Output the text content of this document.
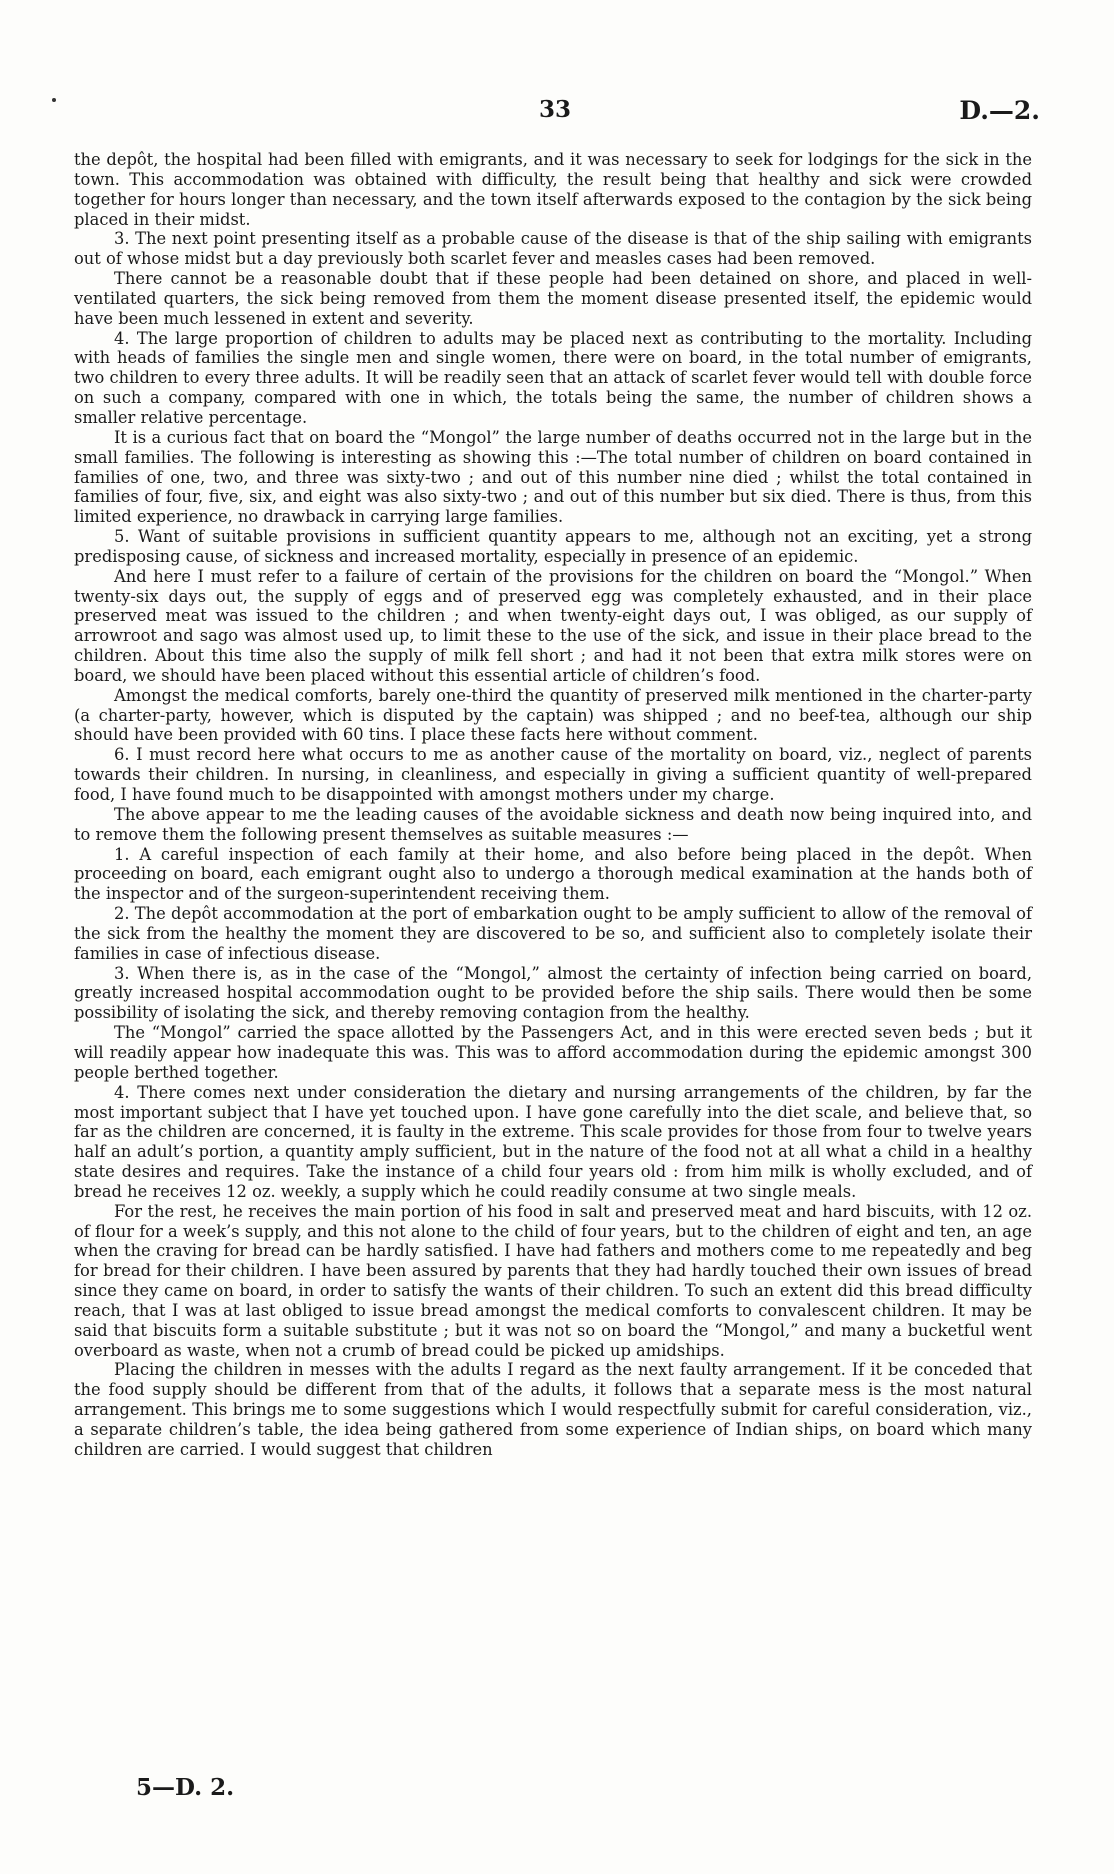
33	D.—2.

the depôt, the hospital had been filled with emigrants, and it was necessary to seek for lodgings for the sick in the town. This accommodation was obtained with difficulty, the result being that healthy and sick were crowded together for hours longer than necessary, and the town itself afterwards exposed to the contagion by the sick being placed in their midst.

3. The next point presenting itself as a probable cause of the disease is that of the ship sailing with emigrants out of whose midst but a day previously both scarlet fever and measles cases had been removed.

There cannot be a reasonable doubt that if these people had been detained on shore, and placed in well-ventilated quarters, the sick being removed from them the moment disease presented itself, the epidemic would have been much lessened in extent and severity.

4. The large proportion of children to adults may be placed next as contributing to the mortality. Including with heads of families the single men and single women, there were on board, in the total number of emigrants, two children to every three adults. It will be readily seen that an attack of scarlet fever would tell with double force on such a company, compared with one in which, the totals being the same, the number of children shows a smaller relative percentage.

It is a curious fact that on board the “Mongol” the large number of deaths occurred not in the large but in the small families. The following is interesting as showing this :—The total number of children on board contained in families of one, two, and three was sixty-two ; and out of this number nine died ; whilst the total contained in families of four, five, six, and eight was also sixty-two ; and out of this number but six died. There is thus, from this limited experience, no drawback in carrying large families.

5. Want of suitable provisions in sufficient quantity appears to me, although not an exciting, yet a strong predisposing cause, of sickness and increased mortality, especially in presence of an epidemic.

And here I must refer to a failure of certain of the provisions for the children on board the “Mongol.” When twenty-six days out, the supply of eggs and of preserved egg was completely exhausted, and in their place preserved meat was issued to the children ; and when twenty-eight days out, I was obliged, as our supply of arrowroot and sago was almost used up, to limit these to the use of the sick, and issue in their place bread to the children. About this time also the supply of milk fell short ; and had it not been that extra milk stores were on board, we should have been placed without this essential article of children’s food.

Amongst the medical comforts, barely one-third the quantity of preserved milk mentioned in the charter-party (a charter-party, however, which is disputed by the captain) was shipped ; and no beef-tea, although our ship should have been provided with 60 tins. I place these facts here without comment.

6. I must record here what occurs to me as another cause of the mortality on board, viz., neglect of parents towards their children. In nursing, in cleanliness, and especially in giving a sufficient quantity of well-prepared food, I have found much to be disappointed with amongst mothers under my charge.

The above appear to me the leading causes of the avoidable sickness and death now being inquired into, and to remove them the following present themselves as suitable measures :—

1. A careful inspection of each family at their home, and also before being placed in the depôt. When proceeding on board, each emigrant ought also to undergo a thorough medical examination at the hands both of the inspector and of the surgeon-superintendent receiving them.

2. The depôt accommodation at the port of embarkation ought to be amply sufficient to allow of the removal of the sick from the healthy the moment they are discovered to be so, and sufficient also to completely isolate their families in case of infectious disease.

3. When there is, as in the case of the “Mongol,” almost the certainty of infection being carried on board, greatly increased hospital accommodation ought to be provided before the ship sails. There would then be some possibility of isolating the sick, and thereby removing contagion from the healthy.

The “Mongol” carried the space allotted by the Passengers Act, and in this were erected seven beds ; but it will readily appear how inadequate this was. This was to afford accommodation during the epidemic amongst 300 people berthed together.

4. There comes next under consideration the dietary and nursing arrangements of the children, by far the most important subject that I have yet touched upon. I have gone carefully into the diet scale, and believe that, so far as the children are concerned, it is faulty in the extreme. This scale provides for those from four to twelve years half an adult’s portion, a quantity amply sufficient, but in the nature of the food not at all what a child in a healthy state desires and requires. Take the instance of a child four years old : from him milk is wholly excluded, and of bread he receives 12 oz. weekly, a supply which he could readily consume at two single meals.

For the rest, he receives the main portion of his food in salt and preserved meat and hard biscuits, with 12 oz. of flour for a week’s supply, and this not alone to the child of four years, but to the children of eight and ten, an age when the craving for bread can be hardly satisfied. I have had fathers and mothers come to me repeatedly and beg for bread for their children. I have been assured by parents that they had hardly touched their own issues of bread since they came on board, in order to satisfy the wants of their children. To such an extent did this bread difficulty reach, that I was at last obliged to issue bread amongst the medical comforts to convalescent children. It may be said that biscuits form a suitable substitute ; but it was not so on board the “Mongol,” and many a bucketful went overboard as waste, when not a crumb of bread could be picked up amidships.

Placing the children in messes with the adults I regard as the next faulty arrangement. If it be conceded that the food supply should be different from that of the adults, it follows that a separate mess is the most natural arrangement. This brings me to some suggestions which I would respectfully submit for careful consideration, viz., a separate children’s table, the idea being gathered from some experience of Indian ships, on board which many children are carried. I would suggest that children

5—D. 2.
